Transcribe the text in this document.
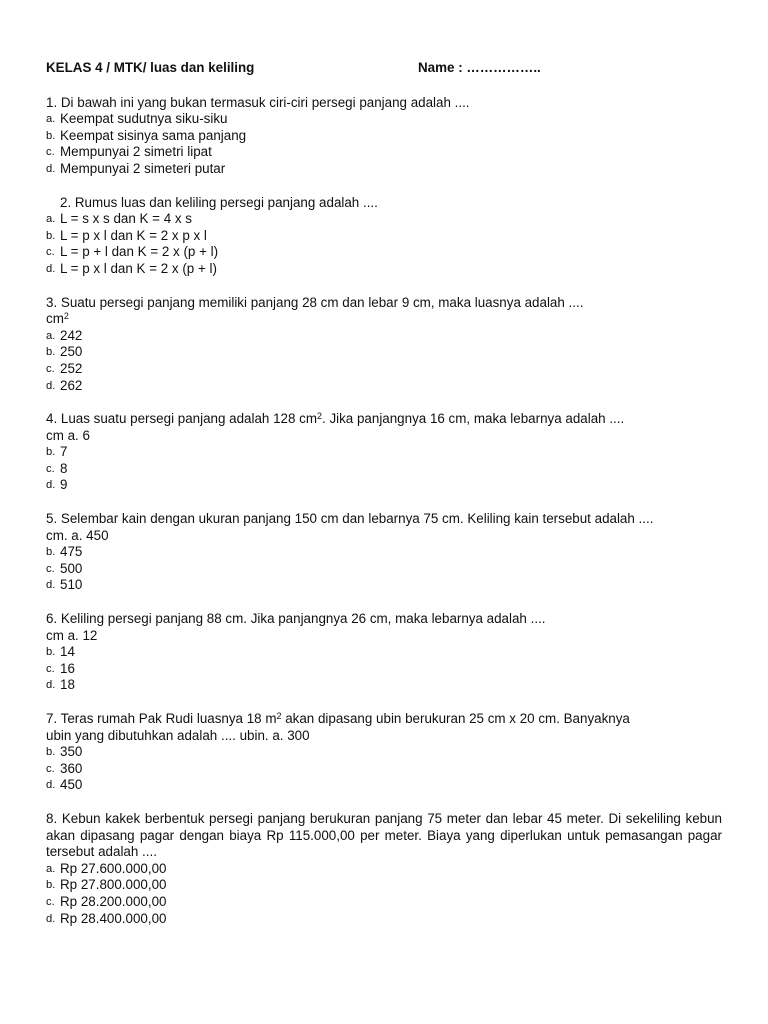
KELAS 4 / MTK/ luas dan keliling	Name : ……………..
1. Di bawah ini yang bukan termasuk ciri-ciri persegi panjang adalah ....
a. Keempat sudutnya siku-siku
b. Keempat sisinya sama panjang
c. Mempunyai 2 simetri lipat
d. Mempunyai 2 simeteri putar
2. Rumus luas dan keliling persegi panjang adalah ....
a. L = s x s dan K = 4 x s
b. L = p x l dan K = 2 x p x l
c. L = p + l dan K = 2 x (p + l)
d. L = p x l dan K = 2 x (p + l)
3. Suatu persegi panjang memiliki panjang 28 cm dan lebar 9 cm, maka luasnya adalah ....
$cm^2$
a. 242
b. 250
c. 252
d. 262
4. Luas suatu persegi panjang adalah 128 $cm^2$. Jika panjangnya 16 cm, maka lebarnya adalah ....
cm a. 6
b. 7
c. 8
d. 9
5. Selembar kain dengan ukuran panjang 150 cm dan lebarnya 75 cm. Keliling kain tersebut adalah ....
cm. a. 450
b. 475
c. 500
d. 510
6. Keliling persegi panjang 88 cm. Jika panjangnya 26 cm, maka lebarnya adalah ....
cm a. 12
b. 14
c. 16
d. 18
7. Teras rumah Pak Rudi luasnya 18 $m^2$ akan dipasang ubin berukuran 25 cm x 20 cm. Banyaknya
ubin yang dibutuhkan adalah .... ubin. a. 300
b. 350
c. 360
d. 450
8. Kebun kakek berbentuk persegi panjang berukuran panjang 75 meter dan lebar 45 meter. Di sekeliling kebun akan dipasang pagar dengan biaya Rp 115.000,00 per meter. Biaya yang diperlukan untuk pemasangan pagar tersebut adalah ....
a. Rp 27.600.000,00
b. Rp 27.800.000,00
c. Rp 28.200.000,00
d. Rp 28.400.000,00
